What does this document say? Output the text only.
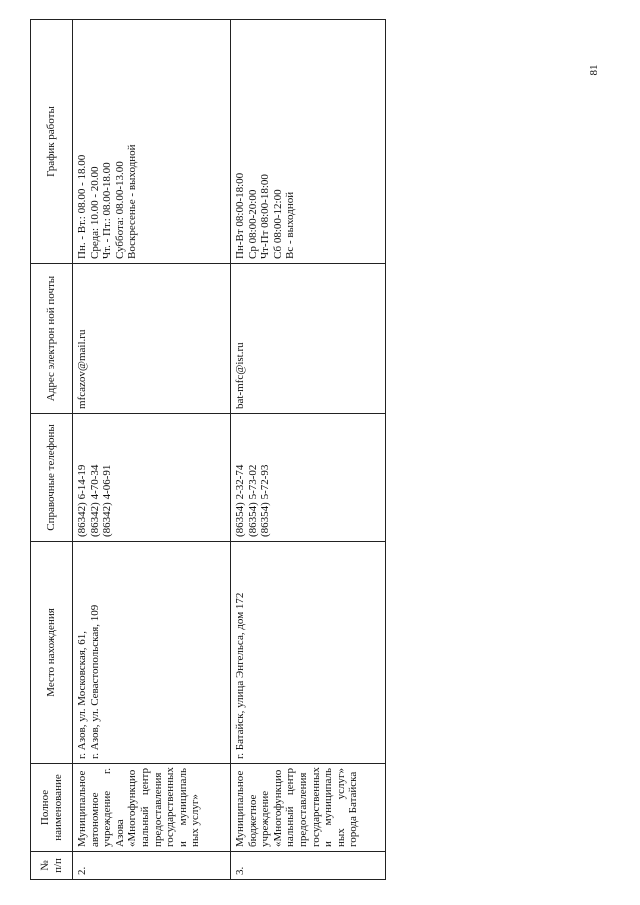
81
№ п/п	Полное наименование	Место нахождения	Справочные телефоны	Адрес электрон ной почты	График работы
2.	Муниципальное автономное учреждение г. Азова «Многофункцио нальный центр предоставления государственных и муниципаль ных услуг»	г. Азов, ул. Московская, 61, г. Азов, ул. Севастопольская, 109	(86342) 6-14-19 (86342) 4-70-34 (86342) 4-06-91	mfcazov@mail.ru	Пн. - Вт.: 08.00 - 18.00 Среда: 10.00 - 20.00 Чт. - Пт.: 08.00-18.00 Суббота: 08.00-13.00 Воскресенье - выходной

3.	Муниципальное бюджетное учреждение «Многофункцио нальный центр предоставления государственных и муниципаль ных услуг» города Батайска	г. Батайск, улица Энгельса, дом 172	(86354) 2-32-74 (86354) 5-73-02 (86354) 5-72-93	bat-mfc@ist.ru	Пн-Вт 08:00-18:00 Ср 08:00-20:00 Чт-Пт 08:00-18:00 Сб 08:00-12:00 Вс - выходной
